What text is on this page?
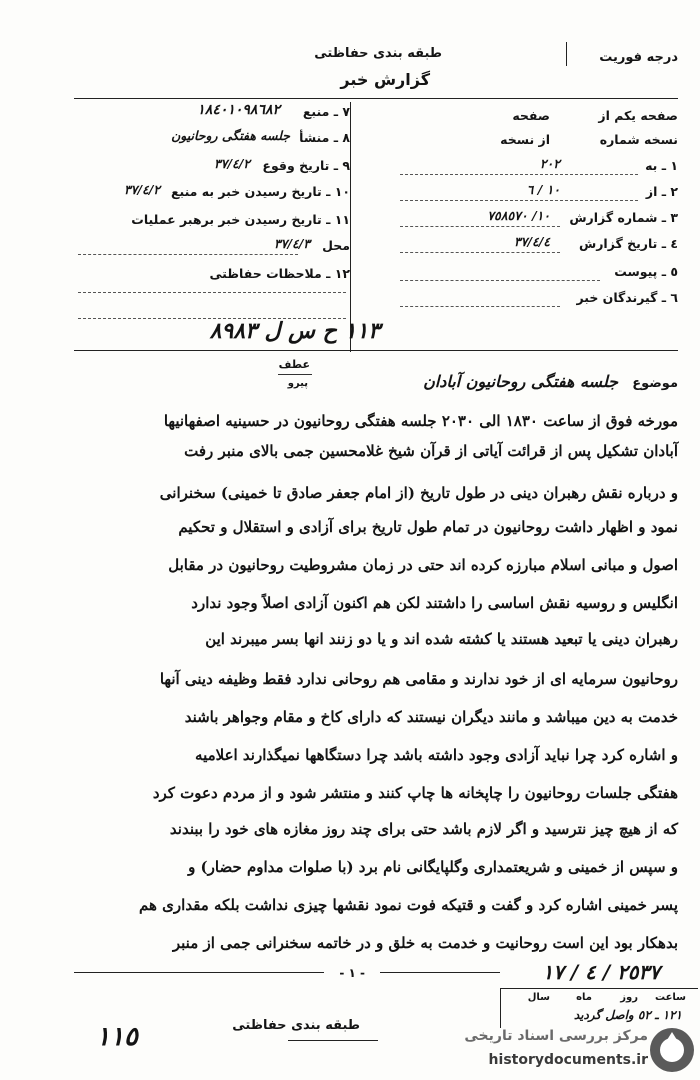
درجه فوریت
طبقه بندی حفاظتی
گزارش خبر
صفحه یکم از
صفحه
نسخه شماره
از نسخه
١ ـ به
٢٠٢
٢ ـ از
١٠ / ٦
٣ ـ شماره گزارش
١٠/ ٧٥٨٥٧٠
٤ ـ تاریخ گزارش
٣٧/٤/٤
٥ ـ پیوست
٦ ـ گیرندگان خبر
٧ ـ منبع
١٨٤٠١٠٩٨٦٨٢
٨ ـ منشأ
جلسه هفتگی روحانیون
٩ ـ تاریخ وقوع
٣٧/٤/٢
١٠ ـ تاریخ رسیدن خبر به منبع
٣٧/٤/٢
١١ ـ تاریخ رسیدن خبر برهبر عملیات
محل
٣٧/٤/٣
١٢ ـ ملاحظات حفاظتی
١١٣ ح س ل ٨٩٨٣
عطف
پیرو	موضوع
جلسه هفتگی روحانیون آبادان
مورخه فوق از ساعت ١٨٣٠ الی ٢٠٣٠ جلسه هفتگی روحانیون در حسینیه اصفهانیها
آبادان تشکیل پس از قرائت آیاتی از قرآن شیخ غلامحسین جمی بالای منبر رفت
و درباره نقش رهبران دینی در طول تاریخ (از امام جعفر صادق تا خمینی) سخنرانی
نمود و اظهار داشت روحانیون در تمام طول تاریخ برای آزادی و استقلال و تحکیم
اصول و مبانی اسلام مبارزه کرده اند حتی در زمان مشروطیت روحانیون در مقابل
انگلیس و روسیه نقش اساسی را داشتند لکن هم اکنون آزادی اصلاً وجود ندارد
رهبران دینی یا تبعید هستند یا کشته شده اند و یا دو زنند انها بسر میبرند این
روحانیون سرمایه ای از خود ندارند و مقامی هم روحانی ندارد فقط وظیفه دینی آنها
خدمت به دین میباشد و مانند دیگران نیستند که دارای کاخ و مقام وجواهر باشند
و اشاره کرد چرا نباید آزادی وجود داشته باشد چرا دستگاهها نمیگذارند اعلامیه
هفتگی جلسات روحانیون را چاپخانه ها چاپ کنند و منتشر شود و از مردم دعوت کرد
که از هیچ چیز نترسید و اگر لازم باشد حتی برای چند روز مغازه های خود را ببندند
و سپس از خمینی و شریعتمداری وگلپایگانی نام برد (با صلوات مداوم حضار) و
پسر خمینی اشاره کرد و گفت و قتیکه فوت نمود نقشها چیزی نداشت بلکه مقداری هم
بدهکار بود این است روحانیت و خدمت به خلق و در خاتمه سخنرانی جمی از منبر
- ١ -	٢٥٣٧ / ٤ / ١٧
ساعت
روز
ماه
سال
١٢١ ـ ٥٢ واصل گردید
طبقه بندی حفاظتی
١١٥	مرکز بررسی اسناد تاریخی
historydocuments.ir
